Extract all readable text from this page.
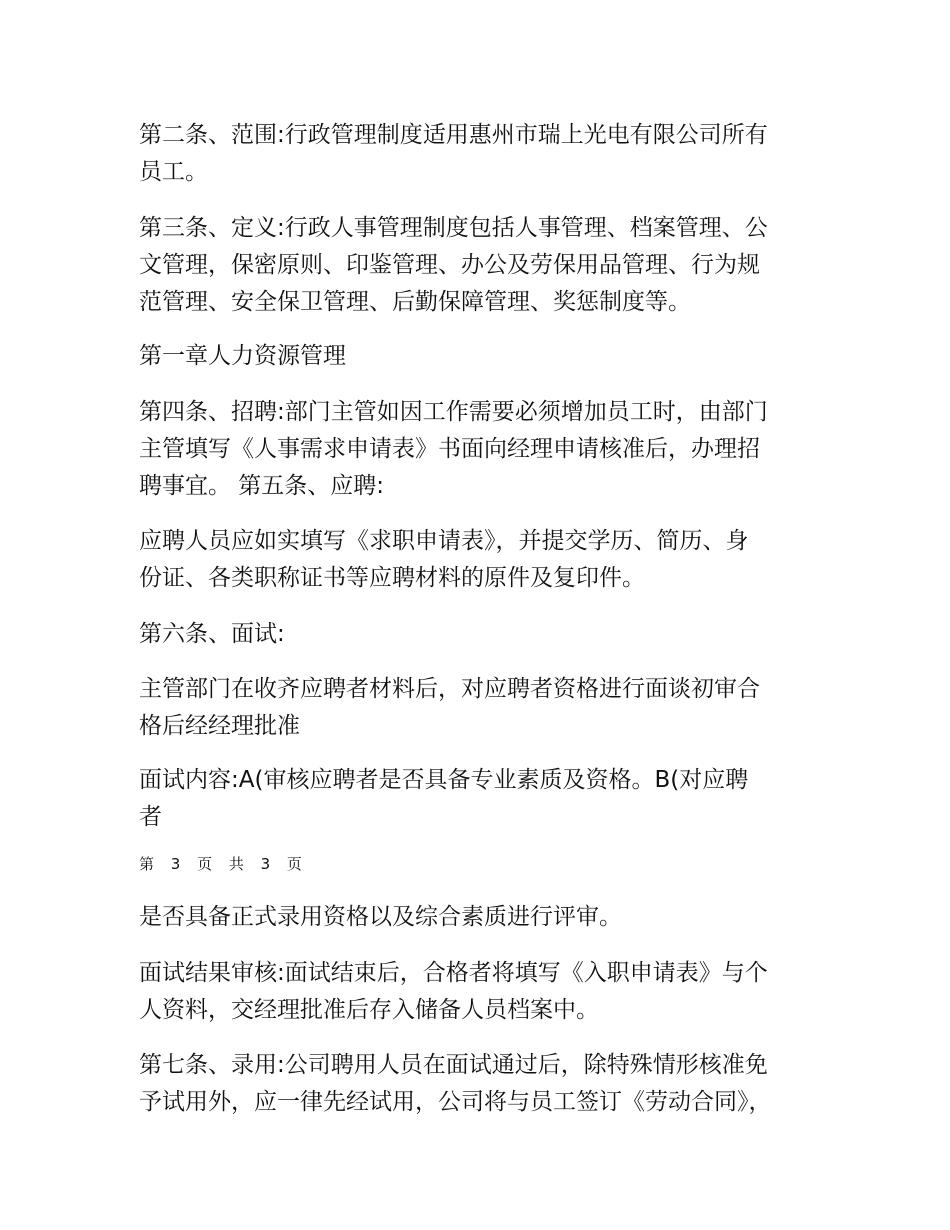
第二条、范围:行政管理制度适用惠州市瑞上光电有限公司所有
员工。
第三条、定义:行政人事管理制度包括人事管理、档案管理、公
文管理，保密原则、印鉴管理、办公及劳保用品管理、行为规
范管理、安全保卫管理、后勤保障管理、奖惩制度等。
第一章人力资源管理
第四条、招聘:部门主管如因工作需要必须增加员工时，由部门
主管填写《人事需求申请表》书面向经理申请核准后，办理招
聘事宜。 第五条、应聘:
应聘人员应如实填写《求职申请表》，并提交学历、简历、身
份证、各类职称证书等应聘材料的原件及复印件。
第六条、面试:
主管部门在收齐应聘者材料后，对应聘者资格进行面谈初审合
格后经经理批准
面试内容:A(审核应聘者是否具备专业素质及资格。B(对应聘
者
第 3 页 共 3 页
是否具备正式录用资格以及综合素质进行评审。
面试结果审核:面试结束后，合格者将填写《入职申请表》与个
人资料，交经理批准后存入储备人员档案中。
第七条、录用:公司聘用人员在面试通过后，除特殊情形核准免
予试用外，应一律先经试用，公司将与员工签订《劳动合同》，
